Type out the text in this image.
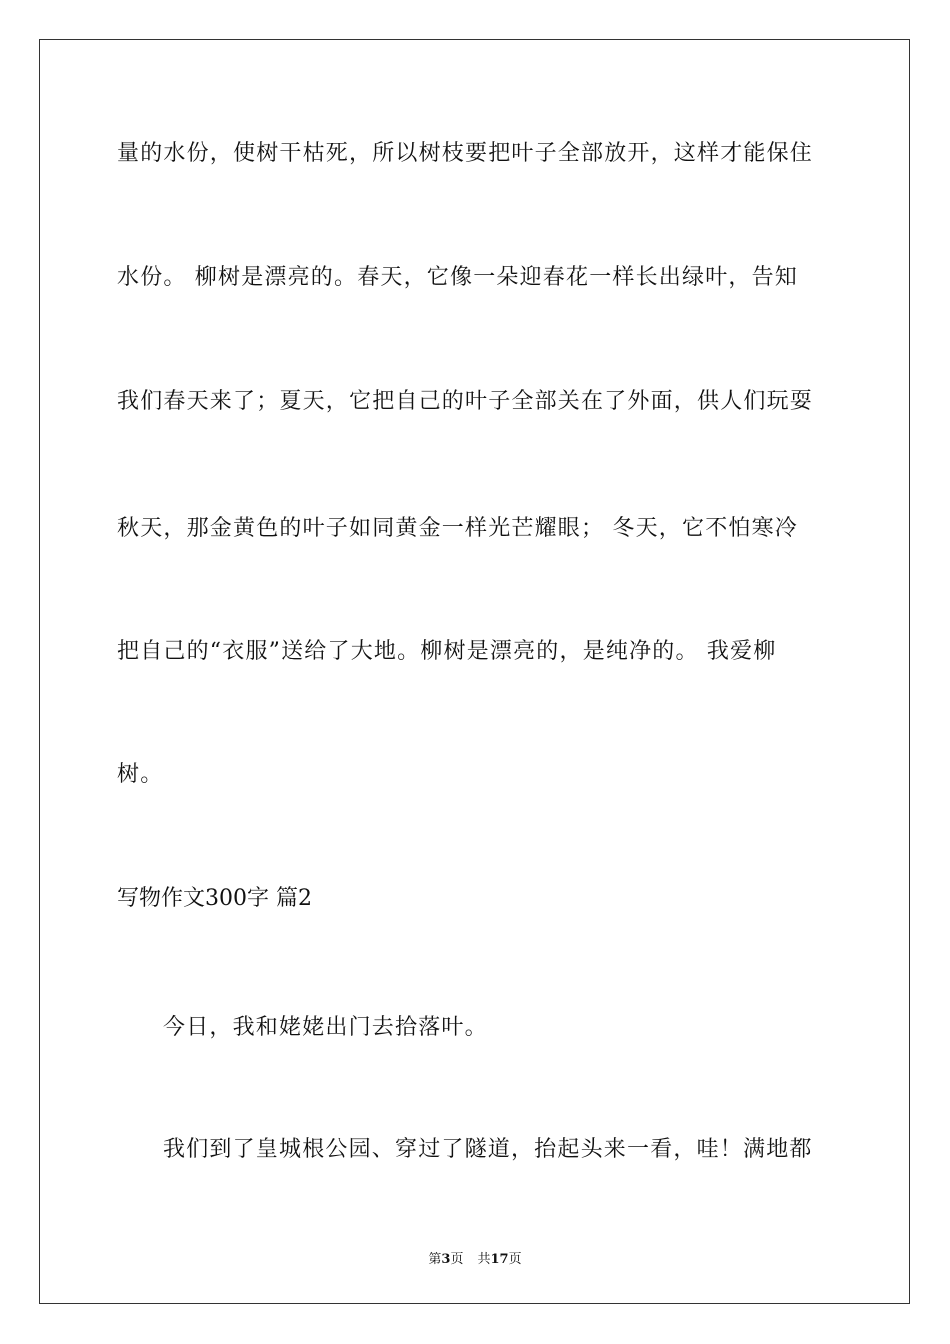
量的水份，使树干枯死，所以树枝要把叶子全部放开，这样才能保住
水份。 柳树是漂亮的。春天，它像一朵迎春花一样长出绿叶，告知
我们春天来了；夏天，它把自己的叶子全部关在了外面，供人们玩耍
秋天，那金黄色的叶子如同黄金一样光芒耀眼； 冬天，它不怕寒冷
把自己的“衣服”送给了大地。柳树是漂亮的，是纯净的。 我爱柳
树。
写物作文300字 篇2
今日，我和姥姥出门去拾落叶。
我们到了皇城根公园、穿过了隧道，抬起头来一看，哇！满地都
第3页 共17页
